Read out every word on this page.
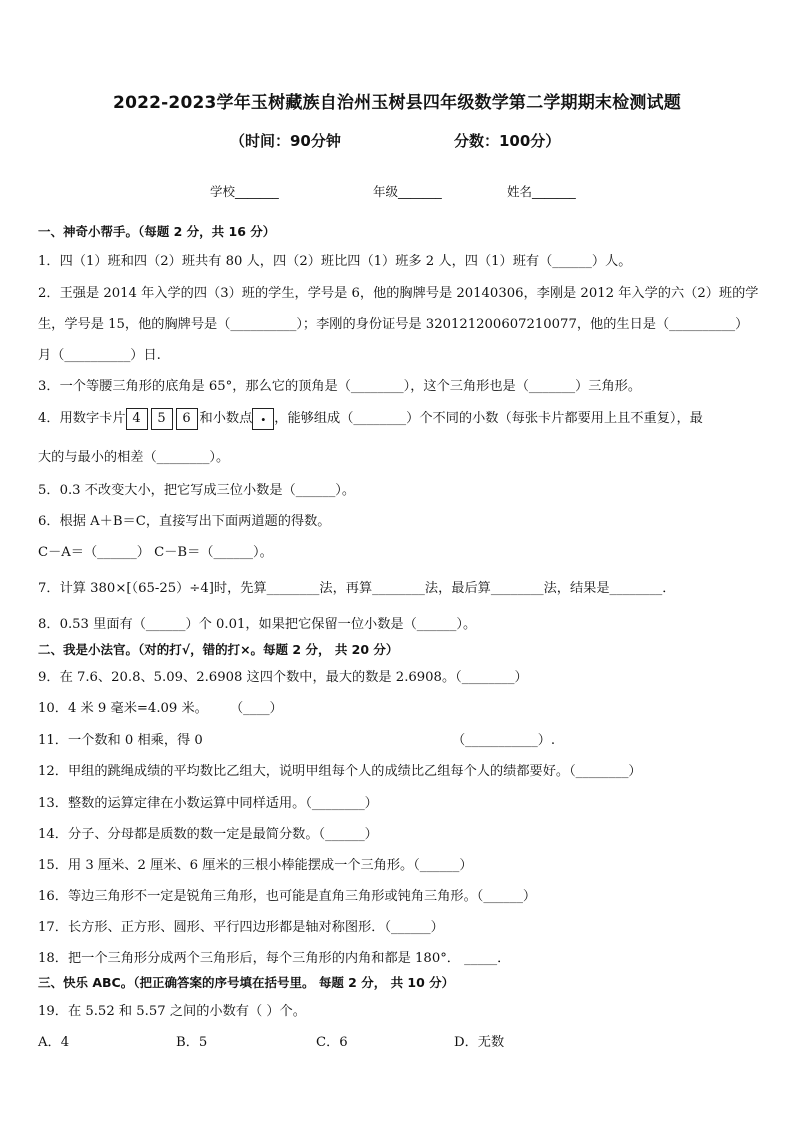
2022-2023学年玉树藏族自治州玉树县四年级数学第二学期期末检测试题
（时间：90分钟	分数：100分）
学校_______	年级_______	姓名_______
一、神奇小帮手。（每题 2 分，共 16 分）
1．四（1）班和四（2）班共有 80 人，四（2）班比四（1）班多 2 人，四（1）班有（______）人。
2．王强是 2014 年入学的四（3）班的学生，学号是 6，他的胸牌号是 20140306，李刚是 2012 年入学的六（2）班的学
生，学号是 15，他的胸牌号是（__________）；李刚的身份证号是 320121200607210077，他的生日是（__________）
月（__________）日.
3．一个等腰三角形的底角是 65°，那么它的顶角是（________），这个三角形也是（_______）三角形。
4．用数字卡片 4 5 6 和小数点 . ，能够组成（________）个不同的小数（每张卡片都要用上且不重复），最
大的与最小的相差（________）。
5．0.3 不改变大小，把它写成三位小数是（______）。
6．根据 A＋B＝C，直接写出下面两道题的得数。
C－A＝（______） C－B＝（______）。
7．计算 380×[（65-25）÷4]时，先算________法，再算________法，最后算________法，结果是________．
8．0.53 里面有（______）个 0.01，如果把它保留一位小数是（______）。
二、我是小法官。（对的打√，错的打×。每题 2 分， 共 20 分）
9．在 7.6、20.8、5.09、2.6908 这四个数中，最大的数是 2.6908。（________）
10．4 米 9 毫米=4.09 米。	（____）
11．一个数和 0 相乘，得 0	（___________）.
12．甲组的跳绳成绩的平均数比乙组大，说明甲组每个人的成绩比乙组每个人的绩都要好。（________）
13．整数的运算定律在小数运算中同样适用。（________）
14．分子、分母都是质数的数一定是最简分数。（______）
15．用 3 厘米、2 厘米、6 厘米的三根小棒能摆成一个三角形。（______）
16．等边三角形不一定是锐角三角形，也可能是直角三角形或钝角三角形。（______）
17．长方形、正方形、圆形、平行四边形都是轴对称图形．（______）
18．把一个三角形分成两个三角形后，每个三角形的内角和都是 180°． _____．
三、快乐 ABC。（把正确答案的序号填在括号里。 每题 2 分， 共 10 分）
19．在 5.52 和 5.57 之间的小数有（ ）个。
A．4	B．5	C．6	D．无数
